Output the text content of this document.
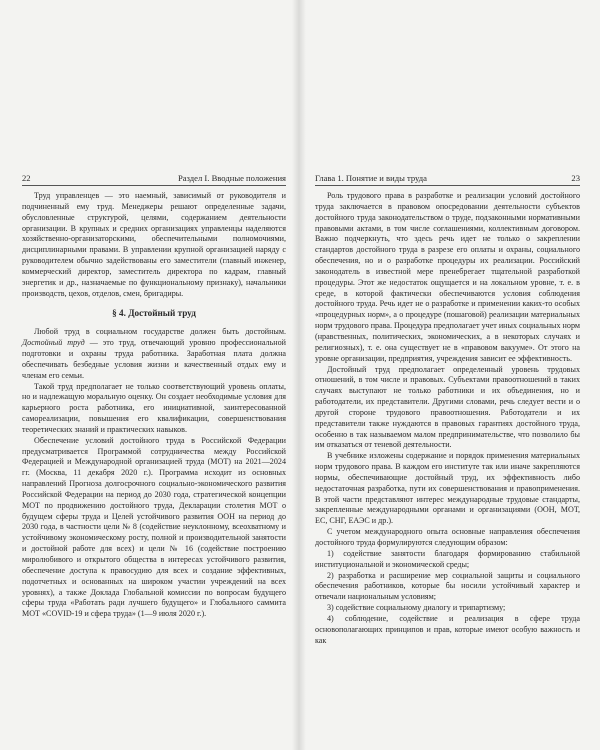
22	Раздел I. Вводные положения

Труд управленцев — это наемный, зависимый от руководителя и подчиненный ему труд. Менеджеры решают определенные задачи, обусловленные структурой, целями, содержанием деятельности организации. В крупных и средних организациях управленцы наделяются хозяйственно-организаторскими, обеспечительными полномочиями, дисциплинарными правами. В управлении крупной организацией наряду с руководителем обычно задействованы его заместители (главный инженер, коммерческий директор, заместитель директора по кадрам, главный энергетик и др., назначаемые по функциональному признаку), начальники производств, цехов, отделов, смен, бригадиры.

§ 4. Достойный труд

Любой труд в социальном государстве должен быть достойным. Достойный труд — это труд, отвечающий уровню профессиональной подготовки и охраны труда работника. Заработная плата должна обеспечивать безбедные условия жизни и качественный отдых ему и членам его семьи.

Такой труд предполагает не только соответствующий уровень оплаты, но и надлежащую моральную оценку. Он создает необходимые условия для карьерного роста работника, его инициативной, заинтересованной самореализации, повышения его квалификации, совершенствования теоретических знаний и практических навыков.

Обеспечение условий достойного труда в Российской Федерации предусматривается Программой сотрудничества между Российской Федерацией и Международной организацией труда (МОТ) на 2021—2024 гг. (Москва, 11 декабря 2020 г.). Программа исходит из основных направлений Прогноза долгосрочного социально-экономического развития Российской Федерации на период до 2030 года, стратегической концепции МОТ по продвижению достойного труда, Декларации столетия МОТ о будущем сферы труда и Целей устойчивого развития ООН на период до 2030 года, в частности цели № 8 (содействие неуклонному, всеохватному и устойчивому экономическому росту, полной и производительной занятости и достойной работе для всех) и цели № 16 (содействие построению миролюбивого и открытого общества в интересах устойчивого развития, обеспечение доступа к правосудию для всех и создание эффективных, подотчетных и основанных на широком участии учреждений на всех уровнях), а также Доклада Глобальной комиссии по вопросам будущего сферы труда «Работать ради лучшего будущего» и Глобального саммита МОТ «COVID-19 и сфера труда» (1—9 июля 2020 г.).

Глава 1. Понятие и виды труда	23

Роль трудового права в разработке и реализации условий достойного труда заключается в правовом опосредовании деятельности субъектов достойного труда законодательством о труде, подзаконными нормативными правовыми актами, в том числе соглашениями, коллективным договором. Важно подчеркнуть, что здесь речь идет не только о закреплении стандартов достойного труда в разрезе его оплаты и охраны, социального обеспечения, но и о разработке процедуры их реализации. Российский законодатель в известной мере пренебрегает тщательной разработкой процедуры. Этот же недостаток ощущается и на локальном уровне, т. е. в среде, в которой фактически обеспечиваются условия соблюдения достойного труда. Речь идет не о разработке и применении каких-то особых «процедурных норм», а о процедуре (пошаговой) реализации материальных норм трудового права. Процедура предполагает учет иных социальных норм (нравственных, политических, экономических, а в некоторых случаях и религиозных), т. е. она существует не в «правовом вакууме». От этого на уровне организации, предприятия, учреждения зависит ее эффективность.

Достойный труд предполагает определенный уровень трудовых отношений, в том числе и правовых. Субъектами правоотношений в таких случаях выступают не только работники и их объединения, но и работодатели, их представители. Другими словами, речь следует вести и о другой стороне трудового правоотношения. Работодатели и их представители также нуждаются в правовых гарантиях достойного труда, особенно в так называемом малом предпринимательстве, что позволило бы им отказаться от теневой деятельности.

В учебнике изложены содержание и порядок применения материальных норм трудового права. В каждом его институте так или иначе закрепляются нормы, обеспечивающие достойный труд, их эффективность либо недостаточная разработка, пути их совершенствования и правоприменения. В этой части представляют интерес международные трудовые стандарты, закрепленные международными органами и организациями (ООН, МОТ, ЕС, СНГ, ЕАЭС и др.).

С учетом международного опыта основные направления обеспечения достойного труда формулируются следующим образом:

1) содействие занятости благодаря формированию стабильной институциональной и экономической среды;
2) разработка и расширение мер социальной защиты и социального обеспечения работников, которые бы носили устойчивый характер и отвечали национальным условиям;
3) содействие социальному диалогу и трипартизму;
4) соблюдение, содействие и реализация в сфере труда основополагающих принципов и прав, которые имеют особую важность и как
